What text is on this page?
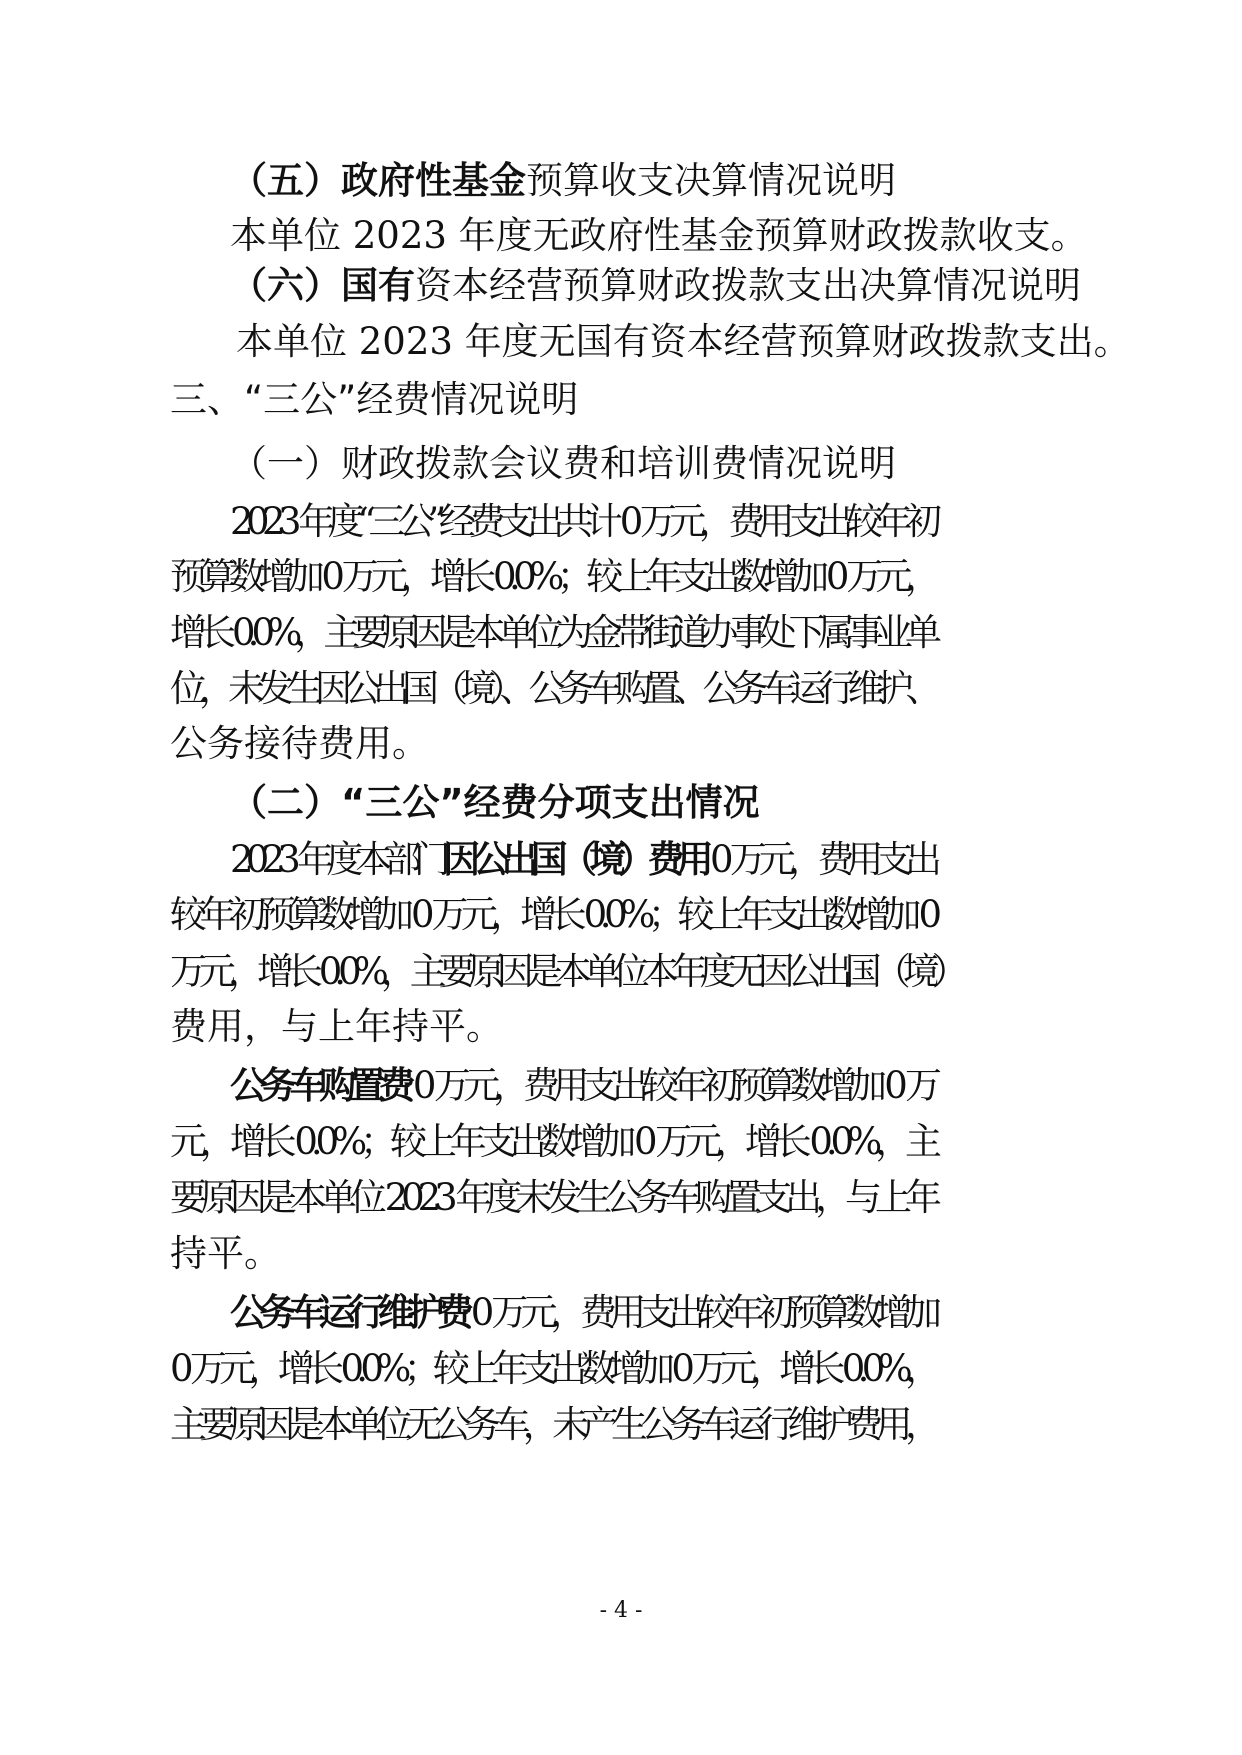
（五）政府性基金预算收支决算情况说明
本单位 2023 年度无政府性基金预算财政拨款收支。
（六）国有资本经营预算财政拨款支出决算情况说明
本单位 2023 年度无国有资本经营预算财政拨款支出。
三、“三公”经费情况说明
（一）财政拨款会议费和培训费情况说明
2023 年度“三公”经费支出共计 0 万元，费用支出较年初
预算数增加 0 万元，增长 0.0%；较上年支出数增加 0 万元，
增长 0.0%，主要原因是本单位为金带街道办事处下属事业单
位，未发生因公出国（境）、公务车购置、公务车运行维护、
公务接待费用。
（二）“三公”经费分项支出情况
2023 年度本部门因公出国（境）费用 0 万元，费用支出
较年初预算数增加 0 万元，增长 0.0%；较上年支出数增加 0
万元，增长 0.0%，主要原因是本单位本年度无因公出国（境）
费用，与上年持平。
公务车购置费 0 万元，费用支出较年初预算数增加 0 万
元，增长 0.0%；较上年支出数增加 0 万元，增长 0.0%，主
要原因是本单位 2023 年度未发生公务车购置支出，与上年
持平。
公务车运行维护费 0 万元，费用支出较年初预算数增加
0 万元，增长 0.0%；较上年支出数增加 0 万元，增长 0.0%，
主要原因是本单位无公务车，未产生公务车运行维护费用，
- 4 -
